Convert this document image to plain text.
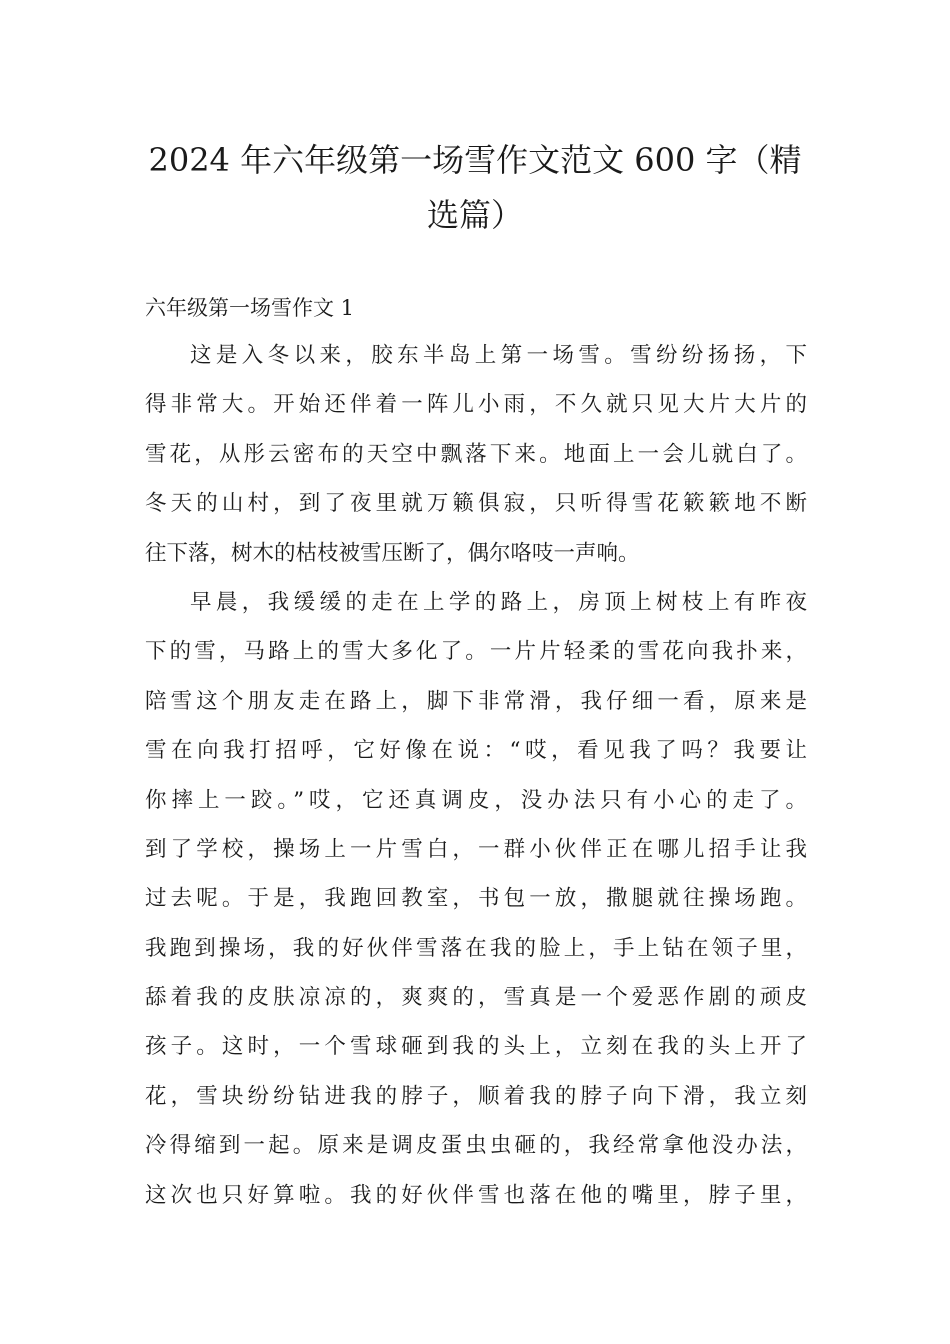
2024 年六年级第一场雪作文范文 600 字（精
选篇）
六年级第一场雪作文 1
这是入冬以来，胶东半岛上第一场雪。雪纷纷扬扬，下
得非常大。开始还伴着一阵儿小雨，不久就只见大片大片的
雪花，从彤云密布的天空中飘落下来。地面上一会儿就白了。
冬天的山村，到了夜里就万籁俱寂，只听得雪花簌簌地不断
往下落，树木的枯枝被雪压断了，偶尔咯吱一声响。
早晨，我缓缓的走在上学的路上，房顶上树枝上有昨夜
下的雪，马路上的雪大多化了。一片片轻柔的雪花向我扑来，
陪雪这个朋友走在路上，脚下非常滑，我仔细一看，原来是
雪在向我打招呼，它好像在说：“哎，看见我了吗？我要让
你摔上一跤。”哎，它还真调皮，没办法只有小心的走了。
到了学校，操场上一片雪白，一群小伙伴正在哪儿招手让我
过去呢。于是，我跑回教室，书包一放，撒腿就往操场跑。
我跑到操场，我的好伙伴雪落在我的脸上，手上钻在领子里，
舔着我的皮肤凉凉的，爽爽的，雪真是一个爱恶作剧的顽皮
孩子。这时，一个雪球砸到我的头上，立刻在我的头上开了
花，雪块纷纷钻进我的脖子，顺着我的脖子向下滑，我立刻
冷得缩到一起。原来是调皮蛋虫虫砸的，我经常拿他没办法，
这次也只好算啦。我的好伙伴雪也落在他的嘴里，脖子里，
